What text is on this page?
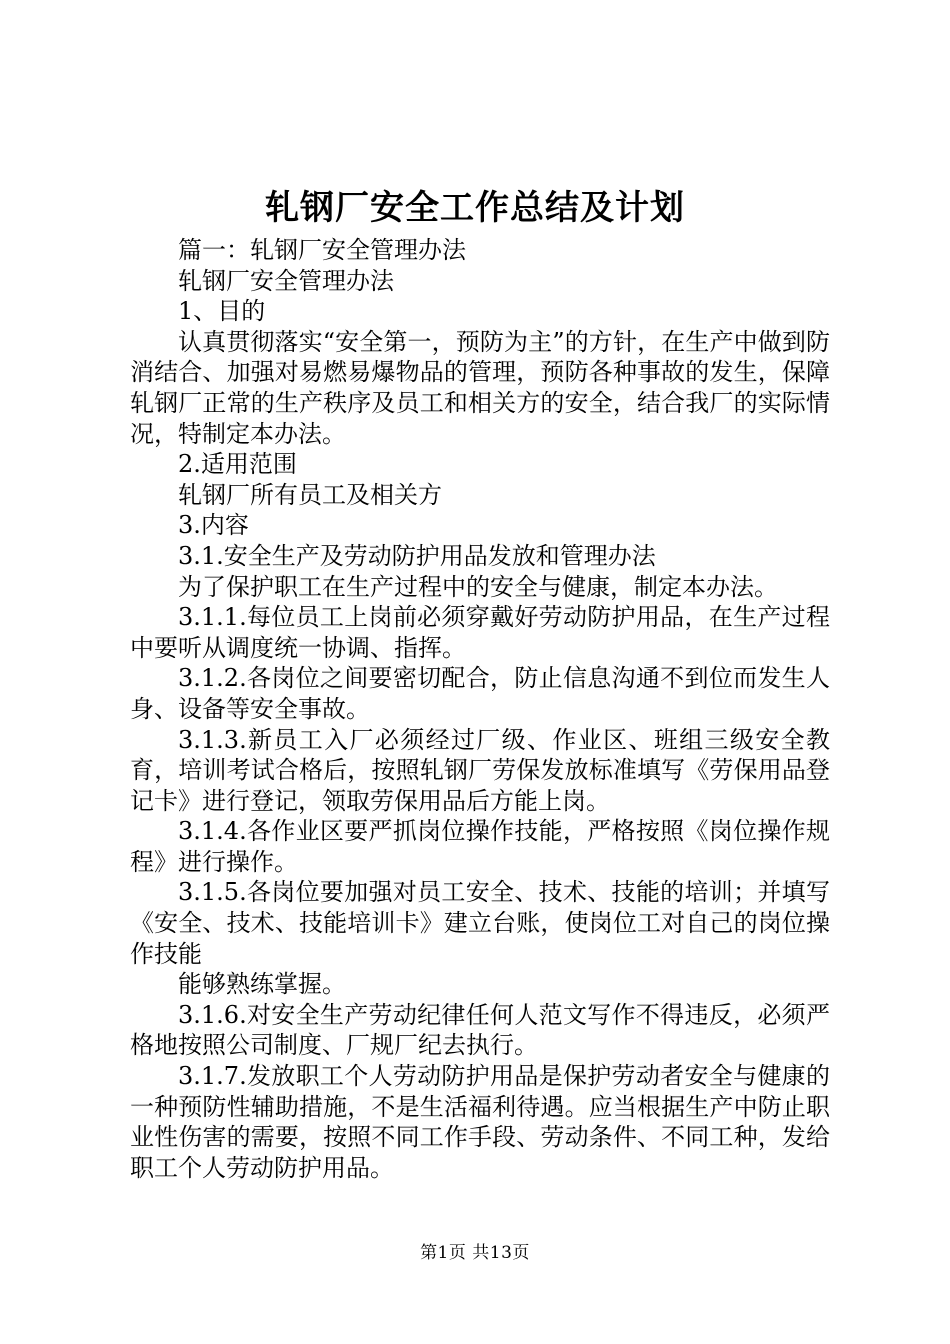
轧钢厂安全工作总结及计划

篇一：轧钢厂安全管理办法

轧钢厂安全管理办法

1、目的

认真贯彻落实“安全第一，预防为主”的方针，在生产中做到防消结合、加强对易燃易爆物品的管理，预防各种事故的发生，保障轧钢厂正常的生产秩序及员工和相关方的安全，结合我厂的实际情况，特制定本办法。

2.适用范围

轧钢厂所有员工及相关方

3.内容

3.1.安全生产及劳动防护用品发放和管理办法

为了保护职工在生产过程中的安全与健康，制定本办法。

3.1.1.每位员工上岗前必须穿戴好劳动防护用品，在生产过程中要听从调度统一协调、指挥。

3.1.2.各岗位之间要密切配合，防止信息沟通不到位而发生人身、设备等安全事故。

3.1.3.新员工入厂必须经过厂级、作业区、班组三级安全教育，培训考试合格后，按照轧钢厂劳保发放标准填写《劳保用品登记卡》进行登记，领取劳保用品后方能上岗。

3.1.4.各作业区要严抓岗位操作技能，严格按照《岗位操作规程》进行操作。

3.1.5.各岗位要加强对员工安全、技术、技能的培训；并填写《安全、技术、技能培训卡》建立台账，使岗位工对自己的岗位操作技能

能够熟练掌握。

3.1.6.对安全生产劳动纪律任何人范文写作不得违反，必须严格地按照公司制度、厂规厂纪去执行。

3.1.7.发放职工个人劳动防护用品是保护劳动者安全与健康的一种预防性辅助措施，不是生活福利待遇。应当根据生产中防止职业性伤害的需要，按照不同工作手段、劳动条件、不同工种，发给职工个人劳动防护用品。

第1页 共13页
